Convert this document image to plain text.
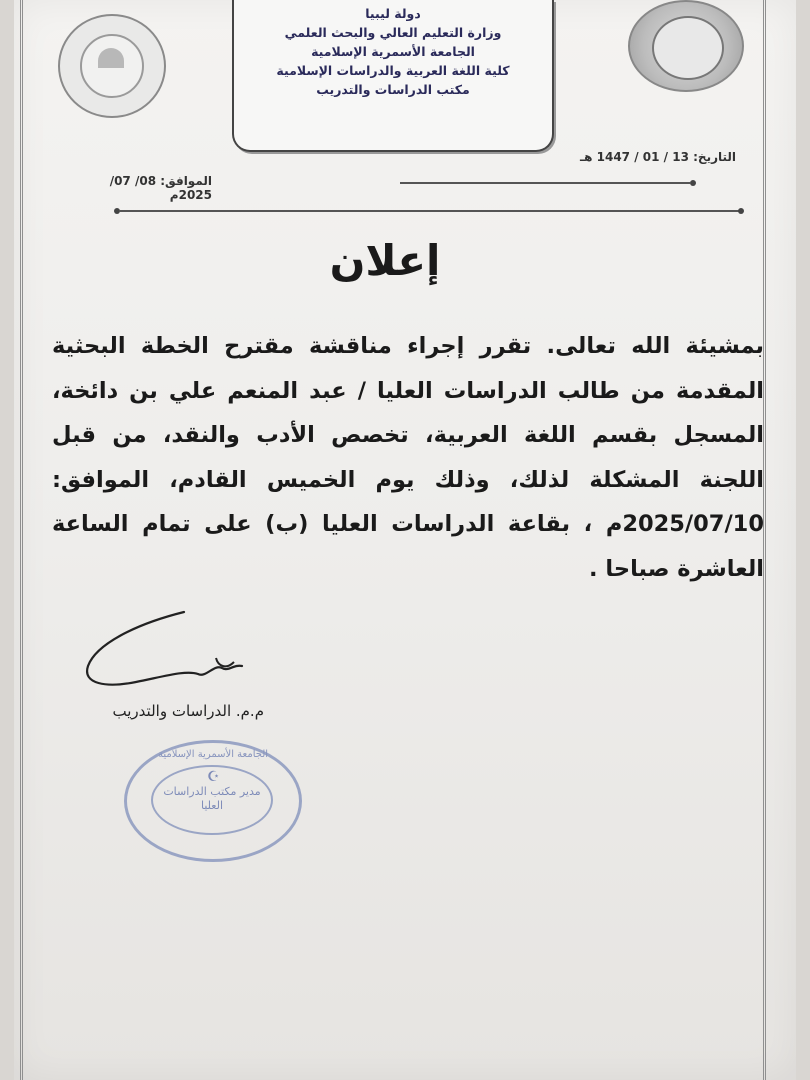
دولة ليبيا
وزارة التعليم العالي والبحث العلمي
الجامعة الأسمرية الإسلامية
كلية اللغة العربية والدراسات الإسلامية
مكتب الدراسات والتدريب
التاريخ: 13 / 01 / 1447 هـ
الموافق: 08/ 07/ 2025م
إعلان
بمشيئة الله تعالى. تقرر إجراء مناقشة مقترح الخطة البحثية المقدمة من طالب الدراسات العليا / عبد المنعم علي بن دائخة، المسجل بقسم اللغة العربية، تخصص الأدب والنقد، من قبل اللجنة المشكلة لذلك، وذلك يوم الخميس القادم، الموافق: 2025/07/10م ، بقاعة الدراسات العليا (ب) على تمام الساعة العاشرة صباحا .
م.م. الدراسات والتدريب
الجامعة الأسمرية الإسلامية
☪
مدير مكتب الدراسات العليا
